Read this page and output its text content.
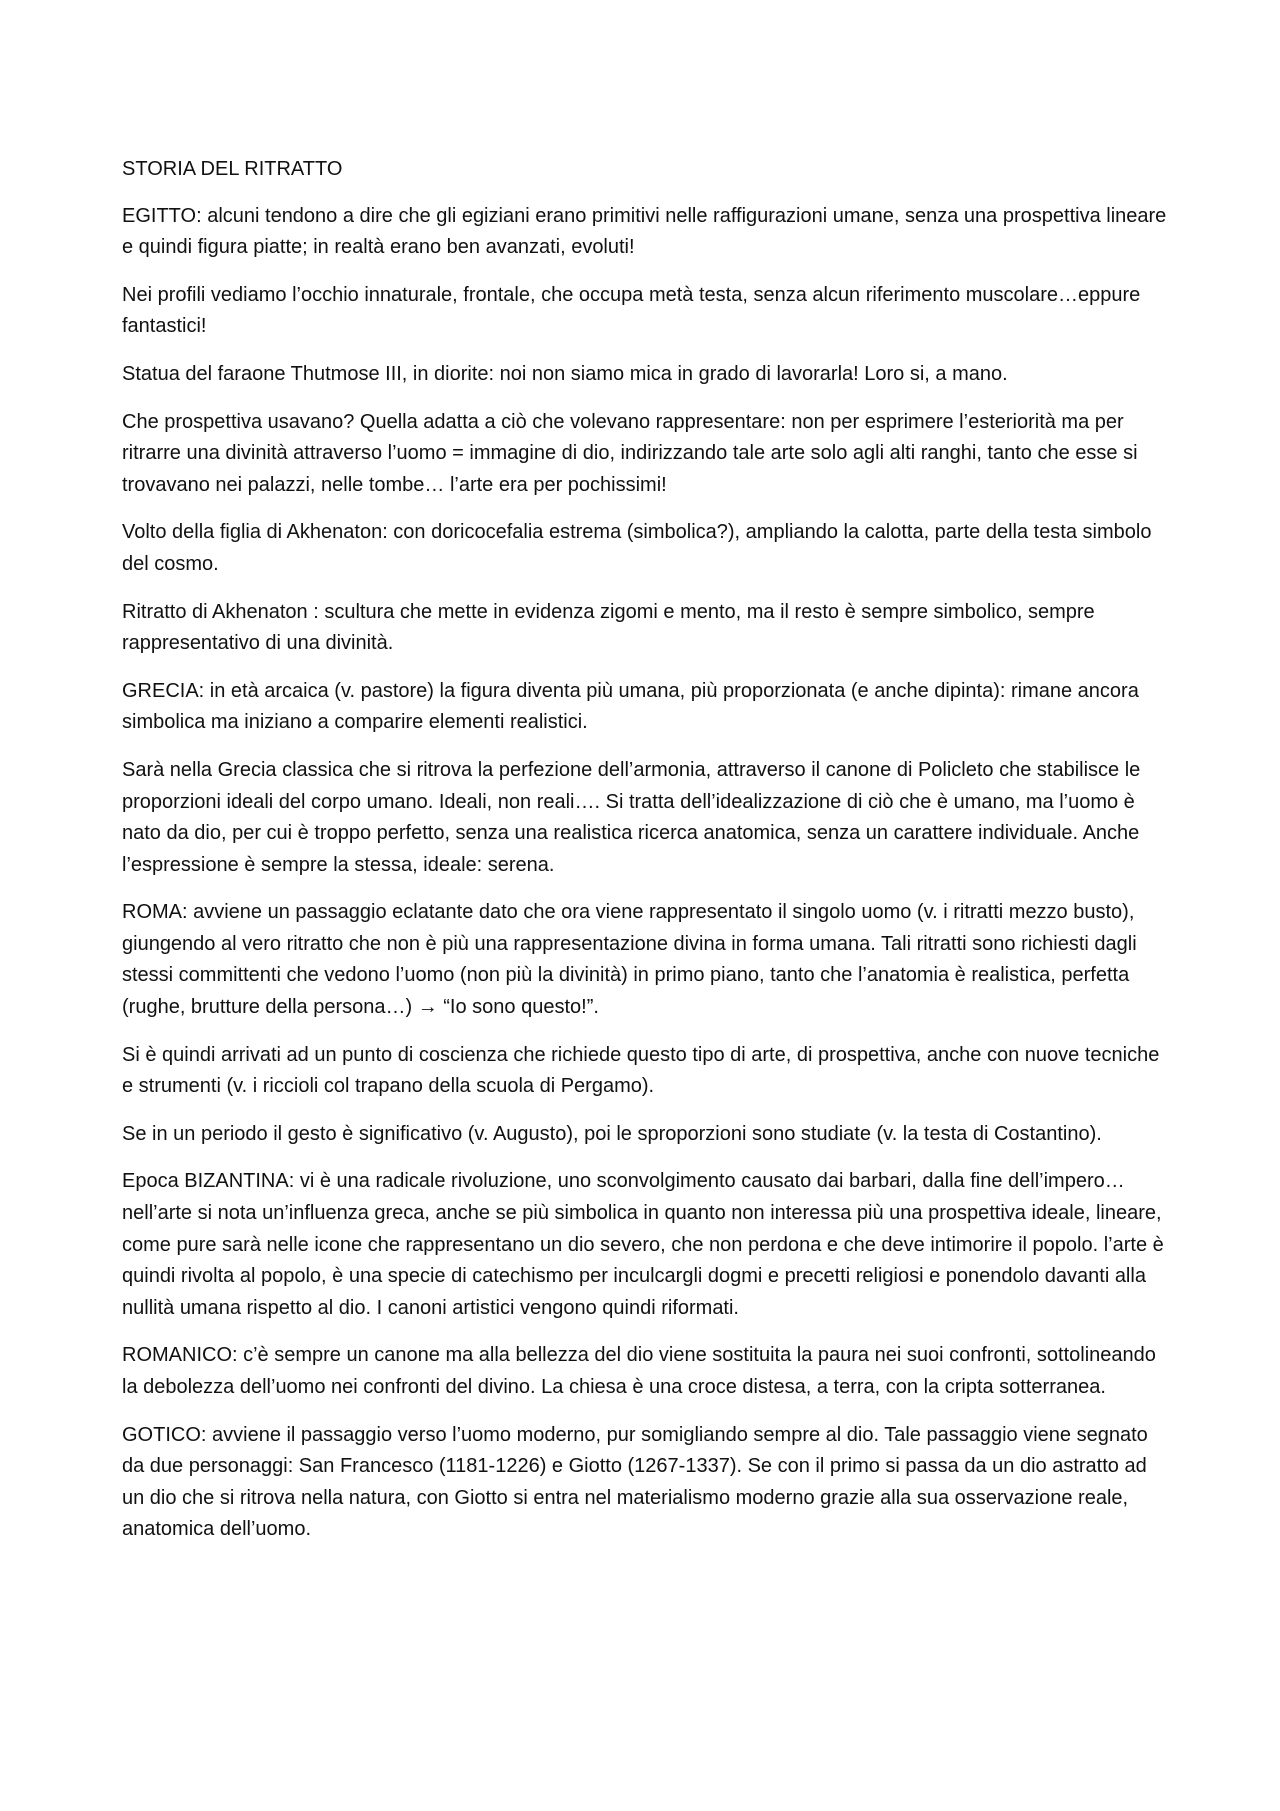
STORIA DEL RITRATTO

EGITTO: alcuni tendono a dire che gli egiziani erano primitivi nelle raffigurazioni umane, senza una prospettiva lineare e quindi figura piatte; in realtà erano ben avanzati, evoluti!

Nei profili vediamo l’occhio innaturale, frontale, che occupa metà testa, senza alcun riferimento muscolare…eppure fantastici!

Statua del faraone Thutmose III, in diorite: noi non siamo mica in grado di lavorarla! Loro si, a mano.

Che prospettiva usavano? Quella adatta a ciò che volevano rappresentare: non per esprimere l’esteriorità ma per ritrarre una divinità attraverso l’uomo = immagine di dio, indirizzando tale arte solo agli alti ranghi, tanto che esse si trovavano nei palazzi, nelle tombe… l’arte era per pochissimi!

Volto della figlia di Akhenaton: con doricocefalia estrema (simbolica?), ampliando la calotta, parte della testa simbolo del cosmo.

Ritratto di Akhenaton : scultura che mette in evidenza zigomi e mento, ma il resto è sempre simbolico, sempre rappresentativo di una divinità.

GRECIA: in età arcaica (v. pastore) la figura diventa più umana, più proporzionata (e anche dipinta): rimane ancora simbolica ma iniziano a comparire elementi realistici.

Sarà nella Grecia classica che si ritrova la perfezione dell’armonia, attraverso il canone di Policleto che stabilisce le proporzioni ideali del corpo umano. Ideali, non reali…. Si tratta dell’idealizzazione di ciò che è umano, ma l’uomo è nato da dio, per cui è troppo perfetto, senza una realistica ricerca anatomica, senza un carattere individuale. Anche l’espressione è sempre la stessa, ideale: serena.

ROMA: avviene un passaggio eclatante dato che ora viene rappresentato il singolo uomo (v. i ritratti mezzo busto), giungendo al vero ritratto che non è più una rappresentazione divina in forma umana. Tali ritratti sono richiesti dagli stessi committenti che vedono l’uomo (non più la divinità) in primo piano, tanto che l’anatomia è realistica, perfetta (rughe, brutture della persona…) → “Io sono questo!”.

Si è quindi arrivati ad un punto di coscienza che richiede questo tipo di arte, di prospettiva, anche con nuove tecniche e strumenti (v. i riccioli col trapano della scuola di Pergamo).

Se in un periodo il gesto è significativo (v. Augusto), poi le sproporzioni sono studiate (v. la testa di Costantino).

Epoca BIZANTINA: vi è una radicale rivoluzione, uno sconvolgimento causato dai barbari, dalla fine dell’impero… nell’arte si nota un’influenza greca, anche se più simbolica in quanto non interessa più una prospettiva ideale, lineare, come pure sarà nelle icone che rappresentano un dio severo, che non perdona e che deve intimorire il popolo. l’arte è quindi rivolta al popolo, è una specie di catechismo per inculcargli dogmi e precetti religiosi e ponendolo davanti alla nullità umana rispetto al dio. I canoni artistici vengono quindi riformati.

ROMANICO: c’è sempre un canone ma alla bellezza del dio viene sostituita la paura nei suoi confronti, sottolineando la debolezza dell’uomo nei confronti del divino. La chiesa è una croce distesa, a terra, con la cripta sotterranea.

GOTICO: avviene il passaggio verso l’uomo moderno, pur somigliando sempre al dio. Tale passaggio viene segnato da due personaggi: San Francesco (1181-1226) e Giotto (1267-1337). Se con il primo si passa da un dio astratto ad un dio che si ritrova nella natura, con Giotto si entra nel materialismo moderno grazie alla sua osservazione reale, anatomica dell’uomo.
